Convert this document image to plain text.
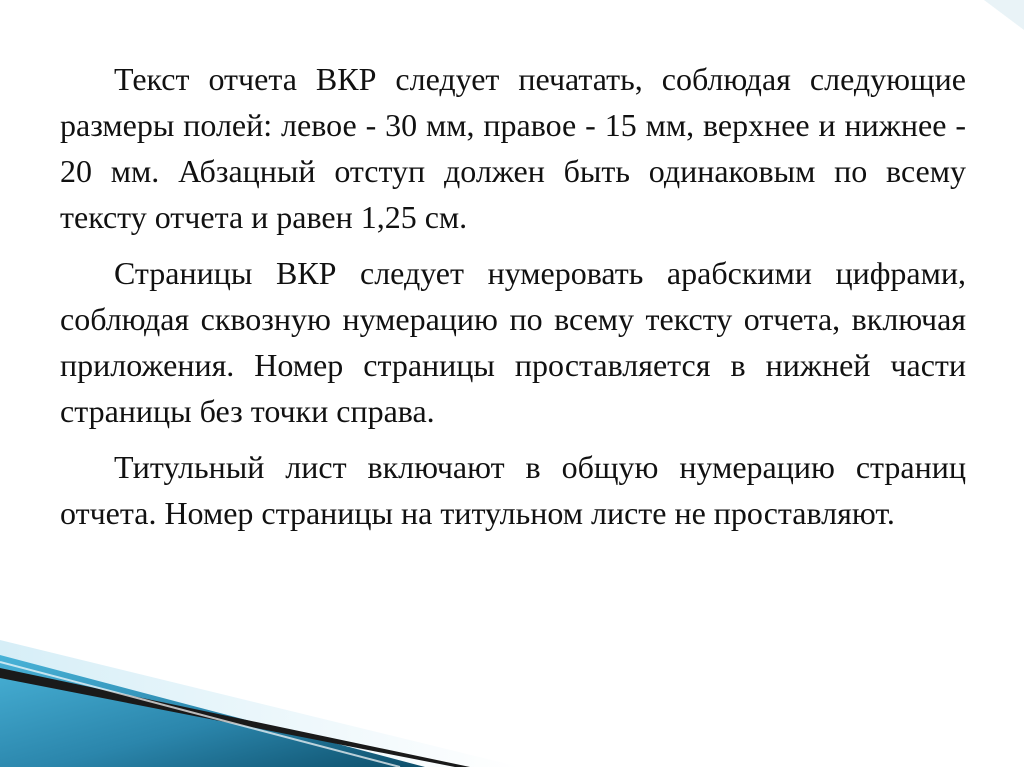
Текст отчета ВКР следует печатать, соблюдая следующие размеры полей: левое - 30 мм, правое - 15 мм, верхнее и нижнее - 20 мм. Абзацный отступ должен быть одинаковым по всему тексту отчета и равен 1,25 см.

Страницы ВКР следует нумеровать арабскими цифрами, соблюдая сквозную нумерацию по всему тексту отчета, включая приложения. Номер страницы проставляется в нижней части страницы без точки справа.

Титульный лист включают в общую нумерацию страниц отчета. Номер страницы на титульном листе не проставляют.
